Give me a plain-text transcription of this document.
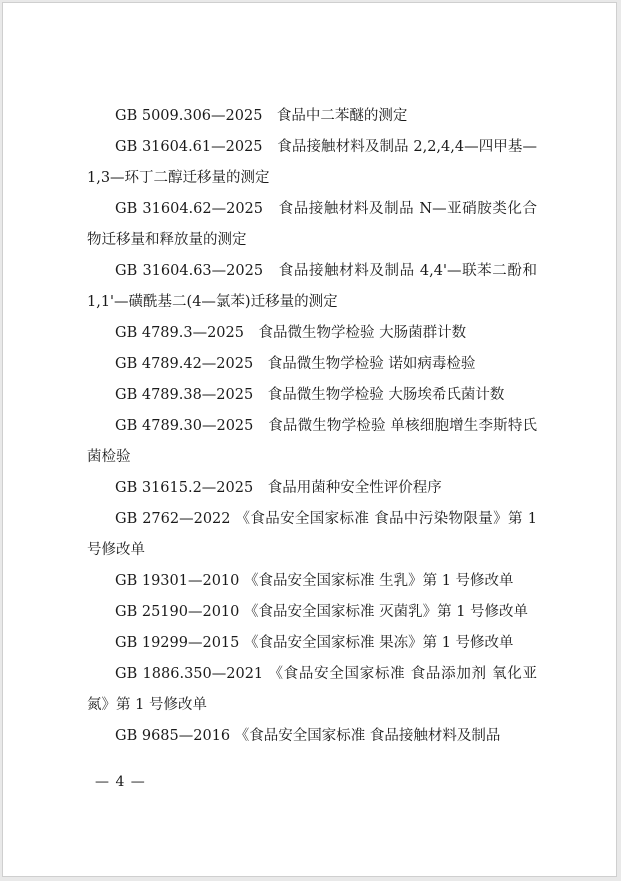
GB 5009.306—2025　食品中二苯醚的测定

GB 31604.61—2025　食品接触材料及制品 2,2,4,4—四甲基—1,3—环丁二醇迁移量的测定

GB 31604.62—2025　食品接触材料及制品 N—亚硝胺类化合物迁移量和释放量的测定

GB 31604.63—2025　食品接触材料及制品 4,4'—联苯二酚和 1,1'—磺酰基二(4—氯苯)迁移量的测定

GB 4789.3—2025　食品微生物学检验 大肠菌群计数

GB 4789.42—2025　食品微生物学检验 诺如病毒检验

GB 4789.38—2025　食品微生物学检验 大肠埃希氏菌计数

GB 4789.30—2025　食品微生物学检验 单核细胞增生李斯特氏菌检验

GB 31615.2—2025　食品用菌种安全性评价程序

GB 2762—2022 《食品安全国家标准 食品中污染物限量》第 1 号修改单

GB 19301—2010 《食品安全国家标准 生乳》第 1 号修改单

GB 25190—2010 《食品安全国家标准 灭菌乳》第 1 号修改单

GB 19299—2015 《食品安全国家标准 果冻》第 1 号修改单

GB 1886.350—2021 《食品安全国家标准 食品添加剂 氧化亚氮》第 1 号修改单

GB 9685—2016 《食品安全国家标准 食品接触材料及制品

— 4 —
